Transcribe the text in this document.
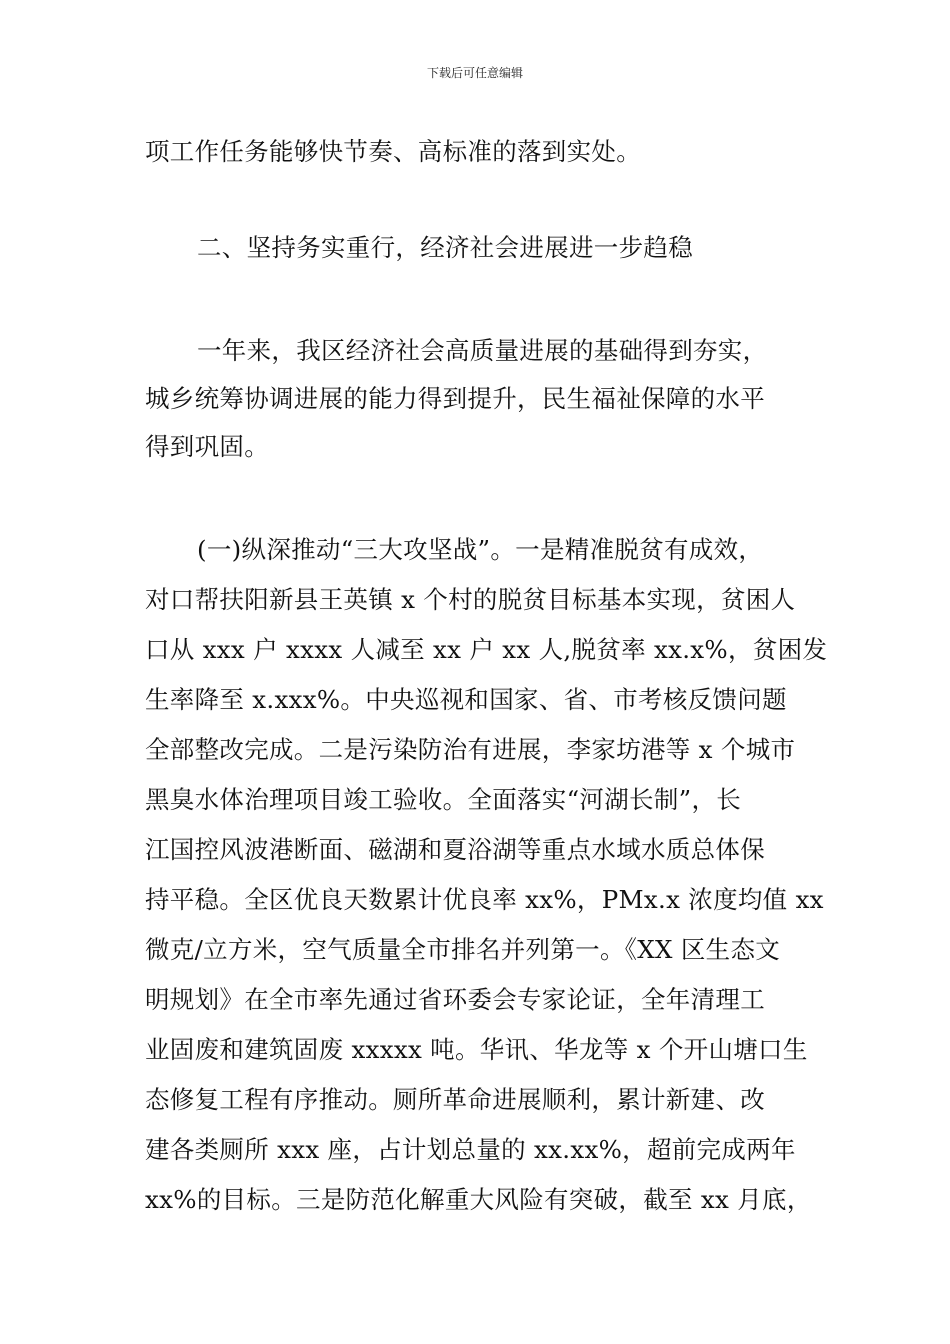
下载后可任意编辑
项工作任务能够快节奏、高标准的落到实处。
二、坚持务实重行，经济社会进展进一步趋稳
一年来，我区经济社会高质量进展的基础得到夯实，
城乡统筹协调进展的能力得到提升，民生福祉保障的水平
得到巩固。
(一)纵深推动“三大攻坚战”。一是精准脱贫有成效，
对口帮扶阳新县王英镇 x 个村的脱贫目标基本实现，贫困人
口从 xxx 户 xxxx 人减至 xx 户 xx 人,脱贫率 xx.x%，贫困发
生率降至 x.xxx%。中央巡视和国家、省、市考核反馈问题
全部整改完成。二是污染防治有进展，李家坊港等 x 个城市
黑臭水体治理项目竣工验收。全面落实“河湖长制”，长
江国控风波港断面、磁湖和夏浴湖等重点水域水质总体保
持平稳。全区优良天数累计优良率 xx%，PMx.x 浓度均值 xx
微克/立方米，空气质量全市排名并列第一。《XX 区生态文
明规划》在全市率先通过省环委会专家论证，全年清理工
业固废和建筑固废 xxxxx 吨。华讯、华龙等 x 个开山塘口生
态修复工程有序推动。厕所革命进展顺利，累计新建、改
建各类厕所 xxx 座，占计划总量的 xx.xx%，超前完成两年
xx%的目标。三是防范化解重大风险有突破，截至 xx 月底，
